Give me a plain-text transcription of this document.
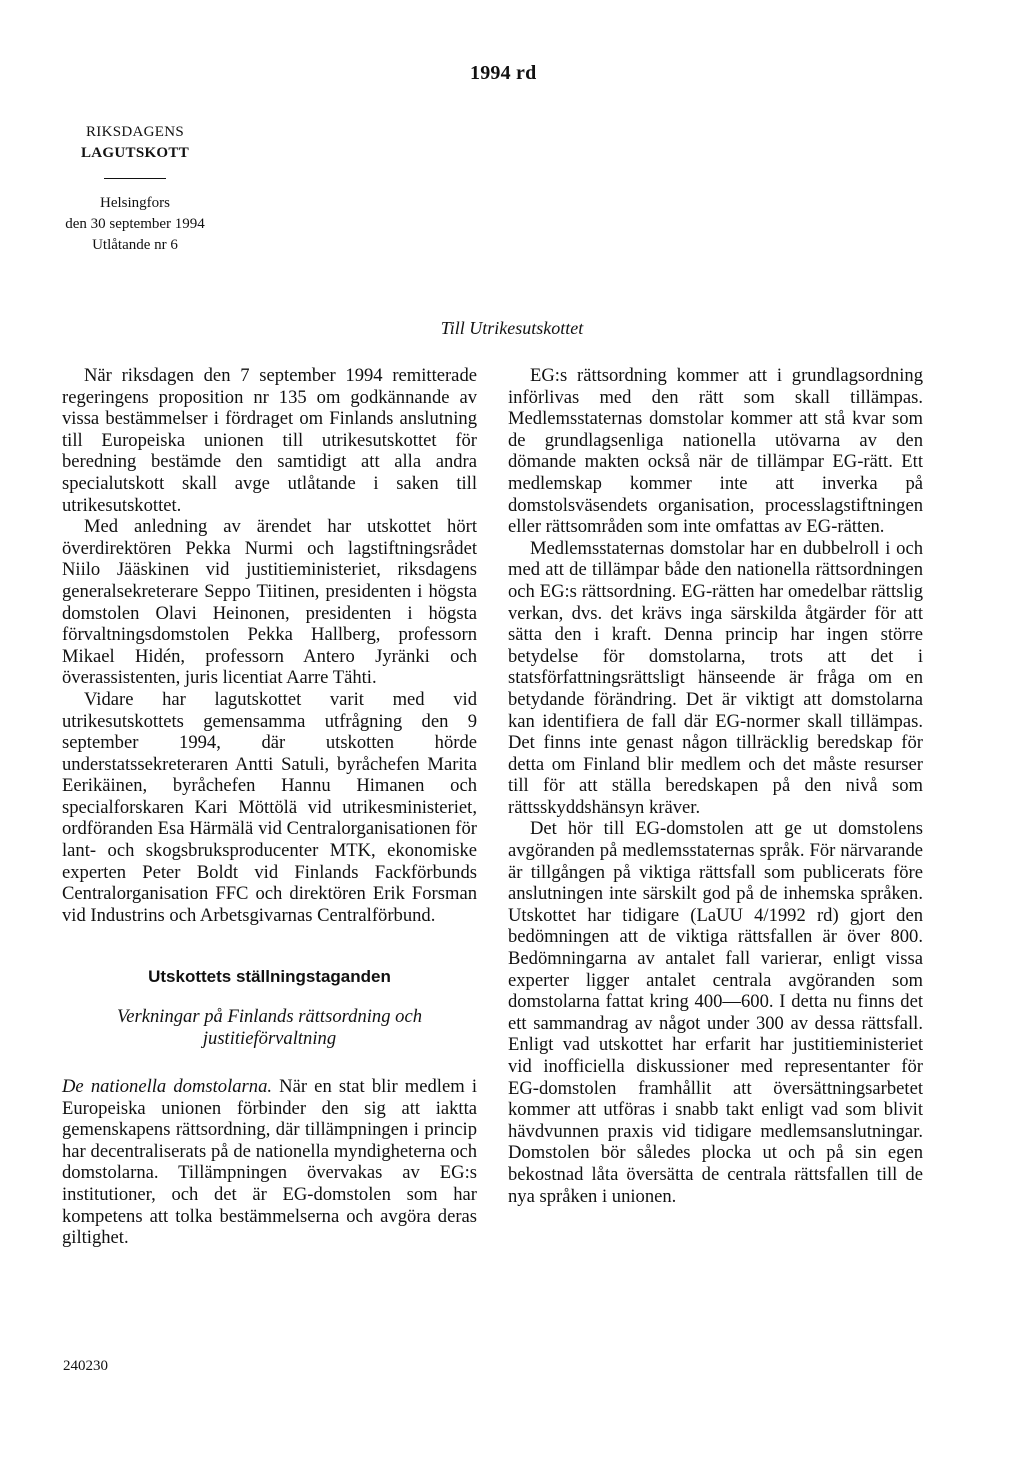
1994 rd
RIKSDAGENS
LAGUTSKOTT
Helsingfors
den 30 september 1994
Utlåtande nr 6
Till Utrikesutskottet

När riksdagen den 7 september 1994 remitterade regeringens proposition nr 135 om godkännande av vissa bestämmelser i fördraget om Finlands anslutning till Europeiska unionen till utrikesutskottet för beredning bestämde den samtidigt att alla andra specialutskott skall avge utlåtande i saken till utrikesutskottet.

Med anledning av ärendet har utskottet hört överdirektören Pekka Nurmi och lagstiftningsrådet Niilo Jääskinen vid justitieministeriet, riksdagens generalsekreterare Seppo Tiitinen, presidenten i högsta domstolen Olavi Heinonen, presidenten i högsta förvaltningsdomstolen Pekka Hallberg, professorn Mikael Hidén, professorn Antero Jyränki och överassistenten, juris licentiat Aarre Tähti.

Vidare har lagutskottet varit med vid utrikesutskottets gemensamma utfrågning den 9 september 1994, där utskotten hörde understatssekreteraren Antti Satuli, byråchefen Marita Eerikäinen, byråchefen Hannu Himanen och specialforskaren Kari Möttölä vid utrikesministeriet, ordföranden Esa Härmälä vid Centralorganisationen för lant- och skogsbruksproducenter MTK, ekonomiske experten Peter Boldt vid Finlands Fackförbunds Centralorganisation FFC och direktören Erik Forsman vid Industrins och Arbetsgivarnas Centralförbund.

Utskottets ställningstaganden

Verkningar på Finlands rättsordning och justitieförvaltning

De nationella domstolarna. När en stat blir medlem i Europeiska unionen förbinder den sig att iaktta gemenskapens rättsordning, där tillämpningen i princip har decentraliserats på de nationella myndigheterna och domstolarna. Tillämpningen övervakas av EG:s institutioner, och det är EG-domstolen som har kompetens att tolka bestämmelserna och avgöra deras giltighet.

EG:s rättsordning kommer att i grundlagsordning införlivas med den rätt som skall tillämpas. Medlemsstaternas domstolar kommer att stå kvar som de grundlagsenliga nationella utövarna av den dömande makten också när de tillämpar EG-rätt. Ett medlemskap kommer inte att inverka på domstolsväsendets organisation, processlagstiftningen eller rättsområden som inte omfattas av EG-rätten.

Medlemsstaternas domstolar har en dubbelroll i och med att de tillämpar både den nationella rättsordningen och EG:s rättsordning. EG-rätten har omedelbar rättslig verkan, dvs. det krävs inga särskilda åtgärder för att sätta den i kraft. Denna princip har ingen större betydelse för domstolarna, trots att det i statsförfattningsrättsligt hänseende är fråga om en betydande förändring. Det är viktigt att domstolarna kan identifiera de fall där EG-normer skall tillämpas. Det finns inte genast någon tillräcklig beredskap för detta om Finland blir medlem och det måste resurser till för att ställa beredskapen på den nivå som rättsskyddshänsyn kräver.

Det hör till EG-domstolen att ge ut domstolens avgöranden på medlemsstaternas språk. För närvarande är tillgången på viktiga rättsfall som publicerats före anslutningen inte särskilt god på de inhemska språken. Utskottet har tidigare (LaUU 4/1992 rd) gjort den bedömningen att de viktiga rättsfallen är över 800. Bedömningarna av antalet fall varierar, enligt vissa experter ligger antalet centrala avgöranden som domstolarna fattat kring 400—600. I detta nu finns det ett sammandrag av något under 300 av dessa rättsfall. Enligt vad utskottet har erfarit har justitieministeriet vid inofficiella diskussioner med representanter för EG-domstolen framhållit att översättningsarbetet kommer att utföras i snabb takt enligt vad som blivit hävdvunnen praxis vid tidigare medlemsanslutningar. Domstolen bör således plocka ut och på sin egen bekostnad låta översätta de centrala rättsfallen till de nya språken i unionen.

240230
